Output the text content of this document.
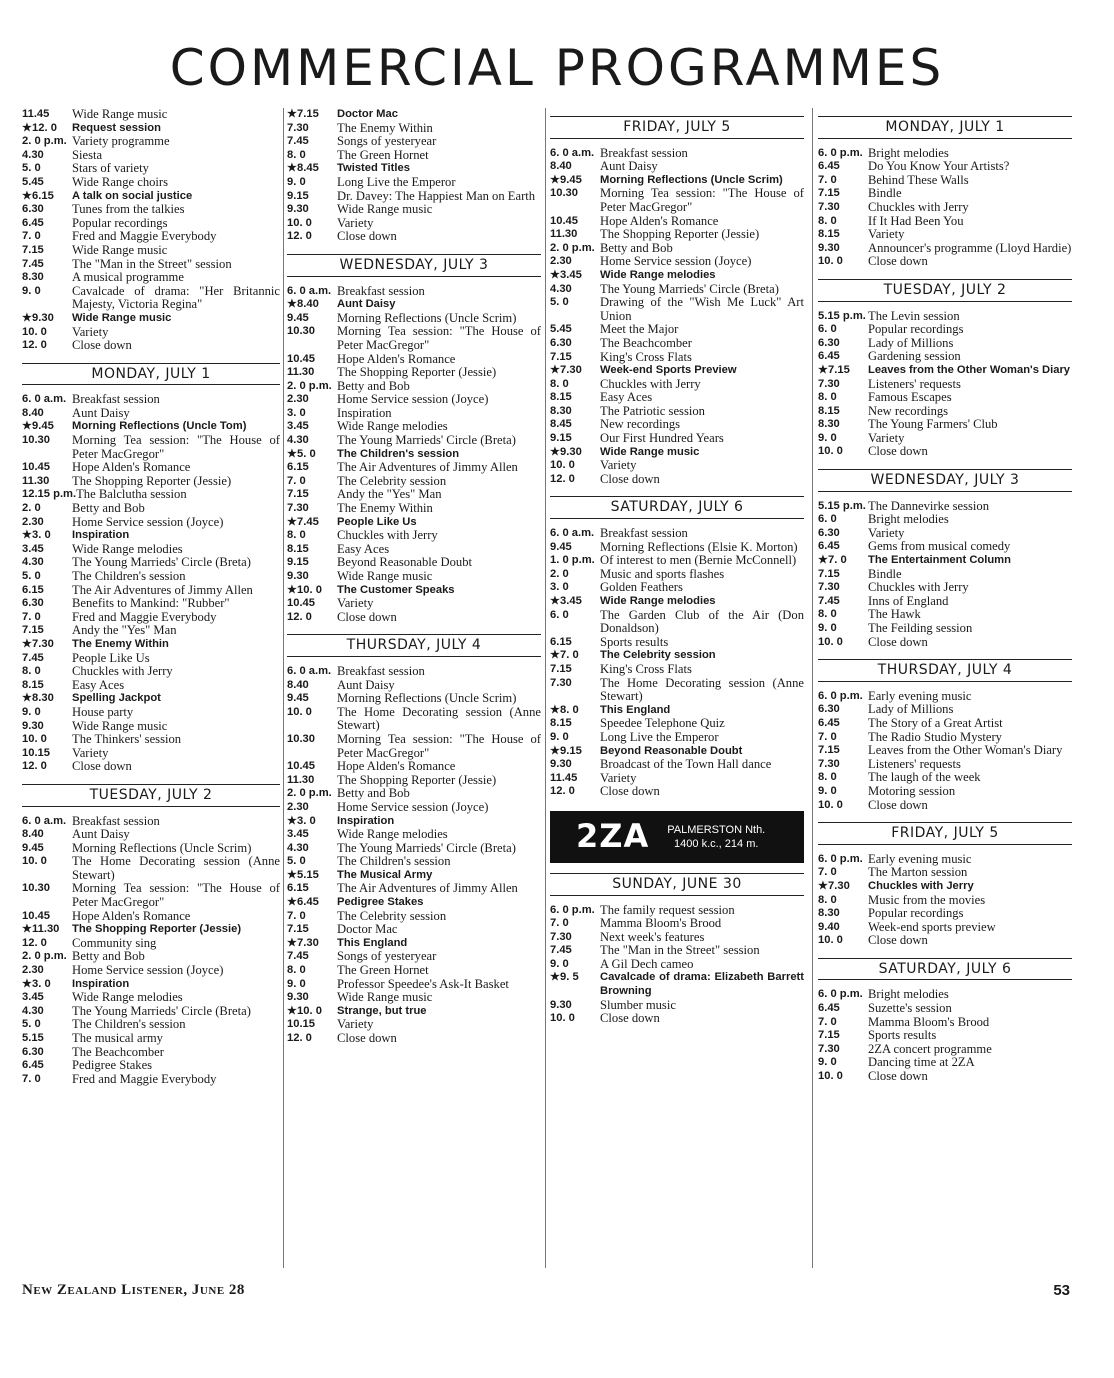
COMMERCIAL PROGRAMMES
11.45	Wide Range music
★12. 0	Request session
2. 0 p.m. Variety programme
4.30	Siesta
5. 0	Stars of variety
5.45	Wide Range choirs
★6.15	A talk on social justice
6.30	Tunes from the talkies
6.45	Popular recordings
7. 0	Fred and Maggie Everybody
7.15	Wide Range music
7.45	The "Man in the Street" session
8.30	A musical programme
9. 0	Cavalcade of drama: "Her Britannic Majesty, Victoria Regina"
★9.30	Wide Range music
10. 0	Variety
12. 0	Close down
MONDAY, JULY 1
6. 0 a.m. Breakfast session
8.40	Aunt Daisy
★9.45	Morning Reflections (Uncle Tom)
10.30	Morning Tea session: "The House of Peter MacGregor"
10.45	Hope Alden's Romance
11.30	The Shopping Reporter (Jessie)
12.15 p.m. The Balclutha session
2. 0	Betty and Bob
2.30	Home Service session (Joyce)
★3. 0	Inspiration
3.45	Wide Range melodies
4.30	The Young Marrieds' Circle (Breta)
5. 0	The Children's session
6.15	The Air Adventures of Jimmy Allen
6.30	Benefits to Mankind: "Rubber"
7. 0	Fred and Maggie Everybody
7.15	Andy the "Yes" Man
★7.30	The Enemy Within
7.45	People Like Us
8. 0	Chuckles with Jerry
8.15	Easy Aces
★8.30	Spelling Jackpot
9. 0	House party
9.30	Wide Range music
10. 0	The Thinkers' session
10.15	Variety
12. 0	Close down
TUESDAY, JULY 2
6. 0 a.m. Breakfast session
8.40	Aunt Daisy
9.45	Morning Reflections (Uncle Scrim)
10. 0	The Home Decorating session (Anne Stewart)
10.30	Morning Tea session: "The House of Peter MacGregor"
10.45	Hope Alden's Romance
★11.30	The Shopping Reporter (Jessie)
12. 0	Community sing
2. 0 p.m. Betty and Bob
2.30	Home Service session (Joyce)
★3. 0	Inspiration
3.45	Wide Range melodies
4.30	The Young Marrieds' Circle (Breta)
5. 0	The Children's session
5.15	The musical army
6.30	The Beachcomber
6.45	Pedigree Stakes
7. 0	Fred and Maggie Everybody
★7.15	Doctor Mac
7.30	The Enemy Within
7.45	Songs of yesteryear
8. 0	The Green Hornet
★8.45	Twisted Titles
9. 0	Long Live the Emperor
9.15	Dr. Davey: The Happiest Man on Earth
9.30	Wide Range music
10. 0	Variety
12. 0	Close down
WEDNESDAY, JULY 3
6. 0 a.m. Breakfast session
★8.40	Aunt Daisy
9.45	Morning Reflections (Uncle Scrim)
10.30	Morning Tea session: "The House of Peter MacGregor"
10.45	Hope Alden's Romance
11.30	The Shopping Reporter (Jessie)
2. 0 p.m. Betty and Bob
2.30	Home Service session (Joyce)
3. 0	Inspiration
3.45	Wide Range melodies
4.30	The Young Marrieds' Circle (Breta)
★5. 0	The Children's session
6.15	The Air Adventures of Jimmy Allen
7. 0	The Celebrity session
7.15	Andy the "Yes" Man
7.30	The Enemy Within
★7.45	People Like Us
8. 0	Chuckles with Jerry
8.15	Easy Aces
9.15	Beyond Reasonable Doubt
9.30	Wide Range music
★10. 0	The Customer Speaks
10.45	Variety
12. 0	Close down
THURSDAY, JULY 4
6. 0 a.m. Breakfast session
8.40	Aunt Daisy
9.45	Morning Reflections (Uncle Scrim)
10. 0	The Home Decorating session (Anne Stewart)
10.30	Morning Tea session: "The House of Peter MacGregor"
10.45	Hope Alden's Romance
11.30	The Shopping Reporter (Jessie)
2. 0 p.m. Betty and Bob
2.30	Home Service session (Joyce)
★3. 0	Inspiration
3.45	Wide Range melodies
4.30	The Young Marrieds' Circle (Breta)
5. 0	The Children's session
★5.15	The Musical Army
6.15	The Air Adventures of Jimmy Allen
★6.45	Pedigree Stakes
7. 0	The Celebrity session
7.15	Doctor Mac
★7.30	This England
7.45	Songs of yesteryear
8. 0	The Green Hornet
9. 0	Professor Speedee's Ask-It Basket
9.30	Wide Range music
★10. 0	Strange, but true
10.15	Variety
12. 0	Close down
FRIDAY, JULY 5
6. 0 a.m. Breakfast session
8.40	Aunt Daisy
★9.45	Morning Reflections (Uncle Scrim)
10.30	Morning Tea session: "The House of Peter MacGregor"
10.45	Hope Alden's Romance
11.30	The Shopping Reporter (Jessie)
2. 0 p.m. Betty and Bob
2.30	Home Service session (Joyce)
★3.45	Wide Range melodies
4.30	The Young Marrieds' Circle (Breta)
5. 0	Drawing of the "Wish Me Luck" Art Union
5.45	Meet the Major
6.30	The Beachcomber
7.15	King's Cross Flats
★7.30	Week-end Sports Preview
8. 0	Chuckles with Jerry
8.15	Easy Aces
8.30	The Patriotic session
8.45	New recordings
9.15	Our First Hundred Years
★9.30	Wide Range music
10. 0	Variety
12. 0	Close down
SATURDAY, JULY 6
6. 0 a.m. Breakfast session
9.45	Morning Reflections (Elsie K. Morton)
1. 0 p.m. Of interest to men (Bernie McConnell)
2. 0	Music and sports flashes
3. 0	Golden Feathers
★3.45	Wide Range melodies
6. 0	The Garden Club of the Air (Don Donaldson)
6.15	Sports results
★7. 0	The Celebrity session
7.15	King's Cross Flats
7.30	The Home Decorating session (Anne Stewart)
★8. 0	This England
8.15	Speedee Telephone Quiz
9. 0	Long Live the Emperor
★9.15	Beyond Reasonable Doubt
9.30	Broadcast of the Town Hall dance
11.45	Variety
12. 0	Close down
2ZA PALMERSTON Nth.
1400 k.c., 214 m.
SUNDAY, JUNE 30
6. 0 p.m. The family request session
7. 0	Mamma Bloom's Brood
7.30	Next week's features
7.45	The "Man in the Street" session
9. 0	A Gil Dech cameo
★9. 5	Cavalcade of drama: Elizabeth Barrett Browning
9.30	Slumber music
10. 0	Close down
MONDAY, JULY 1
6. 0 p.m. Bright melodies
6.45	Do You Know Your Artists?
7. 0	Behind These Walls
7.15	Bindle
7.30	Chuckles with Jerry
8. 0	If It Had Been You
8.15	Variety
9.30	Announcer's programme (Lloyd Hardie)
10. 0	Close down
TUESDAY, JULY 2
5.15 p.m. The Levin session
6. 0	Popular recordings
6.30	Lady of Millions
6.45	Gardening session
★7.15	Leaves from the Other Woman's Diary
7.30	Listeners' requests
8. 0	Famous Escapes
8.15	New recordings
8.30	The Young Farmers' Club
9. 0	Variety
10. 0	Close down
WEDNESDAY, JULY 3
5.15 p.m. The Dannevirke session
6. 0	Bright melodies
6.30	Variety
6.45	Gems from musical comedy
★7. 0	The Entertainment Column
7.15	Bindle
7.30	Chuckles with Jerry
7.45	Inns of England
8. 0	The Hawk
9. 0	The Feilding session
10. 0	Close down
THURSDAY, JULY 4
6. 0 p.m. Early evening music
6.30	Lady of Millions
6.45	The Story of a Great Artist
7. 0	The Radio Studio Mystery
7.15	Leaves from the Other Woman's Diary
7.30	Listeners' requests
8. 0	The laugh of the week
9. 0	Motoring session
10. 0	Close down
FRIDAY, JULY 5
6. 0 p.m. Early evening music
7. 0	The Marton session
★7.30	Chuckles with Jerry
8. 0	Music from the movies
8.30	Popular recordings
9.40	Week-end sports preview
10. 0	Close down
SATURDAY, JULY 6
6. 0 p.m. Bright melodies
6.45	Suzette's session
7. 0	Mamma Bloom's Brood
7.15	Sports results
7.30	2ZA concert programme
9. 0	Dancing time at 2ZA
10. 0	Close down
New Zealand Listener, June 28	53
